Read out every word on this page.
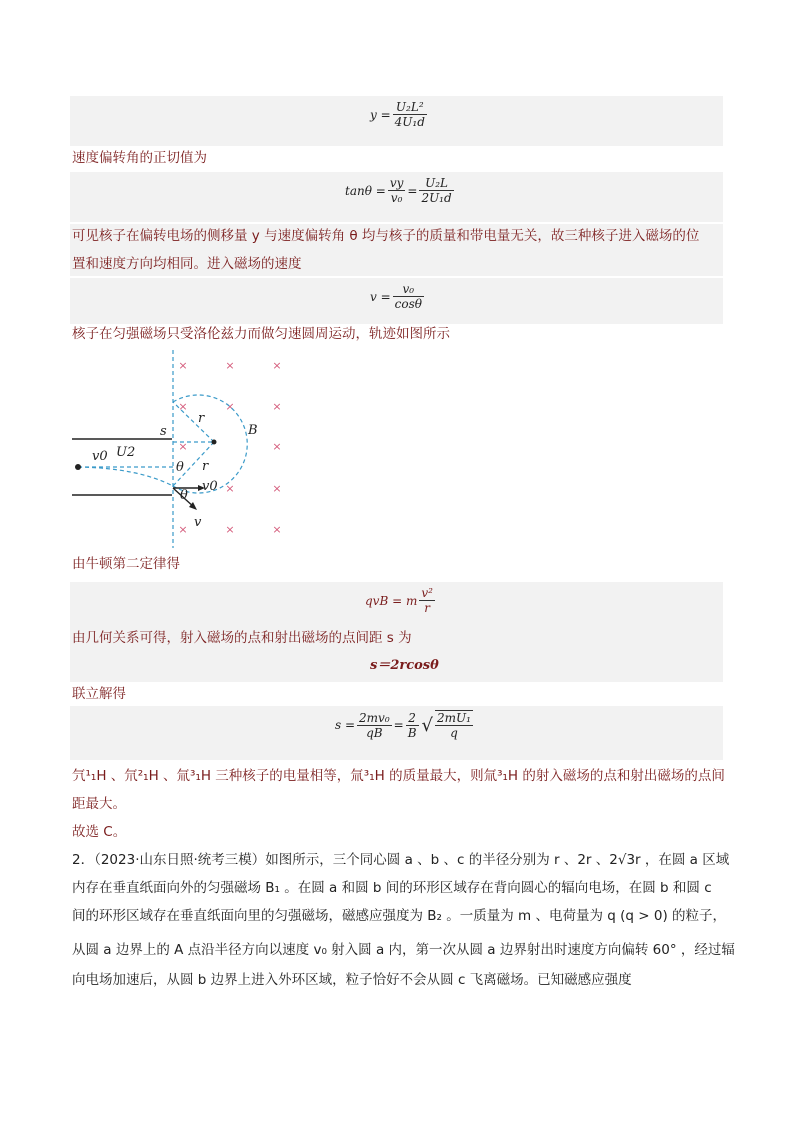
$y = \frac{\text{U₂L²}}{\text{4U₁d}}$
速度偏转角的正切值为
$\tan\theta = \frac{vy}{\text{v₀}} = \frac{\text{U₂L}}{\text{2U₁d}}$
可见核子在偏转电场的侧移量 y 与速度偏转角 θ 均与核子的质量和带电量无关，故三种核子进入磁场的位
置和速度方向均相同。进入磁场的速度
$v = \frac{\text{v₀}}{\cos\theta}$
核子在匀强磁场只受洛伦兹力而做匀速圆周运动，轨迹如图所示
×	×	×
×	×	×
×	×
×	×
×	×	×
s
r
r
B
v0 U2
θ
θ
v0
v
由牛顿第二定律得
qvB = m $\frac{\text{v²}}{r}$
由几何关系可得，射入磁场的点和射出磁场的点间距 s 为
s＝2rcosθ
联立解得
$s = \frac{\text{2mv₀}}{qB} = \frac{2}{B}$ √ $\frac{\text{2mU₁}}{q}$
氕¹₁H 、氘²₁H 、氚³₁H 三种核子的电量相等，氚³₁H 的质量最大，则氚³₁H 的射入磁场的点和射出磁场的点间
距最大。
故选 C。
2．（2023·山东日照·统考三模）如图所示，三个同心圆 a 、b 、c 的半径分别为 r 、2r 、2√3r ，在圆 a 区域
内存在垂直纸面向外的匀强磁场 B₁ 。在圆 a 和圆 b 间的环形区域存在背向圆心的辐向电场，在圆 b 和圆 c
间的环形区域存在垂直纸面向里的匀强磁场，磁感应强度为 B₂ 。一质量为 m 、电荷量为 q (q > 0) 的粒子，
从圆 a 边界上的 A 点沿半径方向以速度 v₀ 射入圆 a 内，第一次从圆 a 边界射出时速度方向偏转 60° ，经过辐
向电场加速后，从圆 b 边界上进入外环区域，粒子恰好不会从圆 c 飞离磁场。已知磁感应强度
